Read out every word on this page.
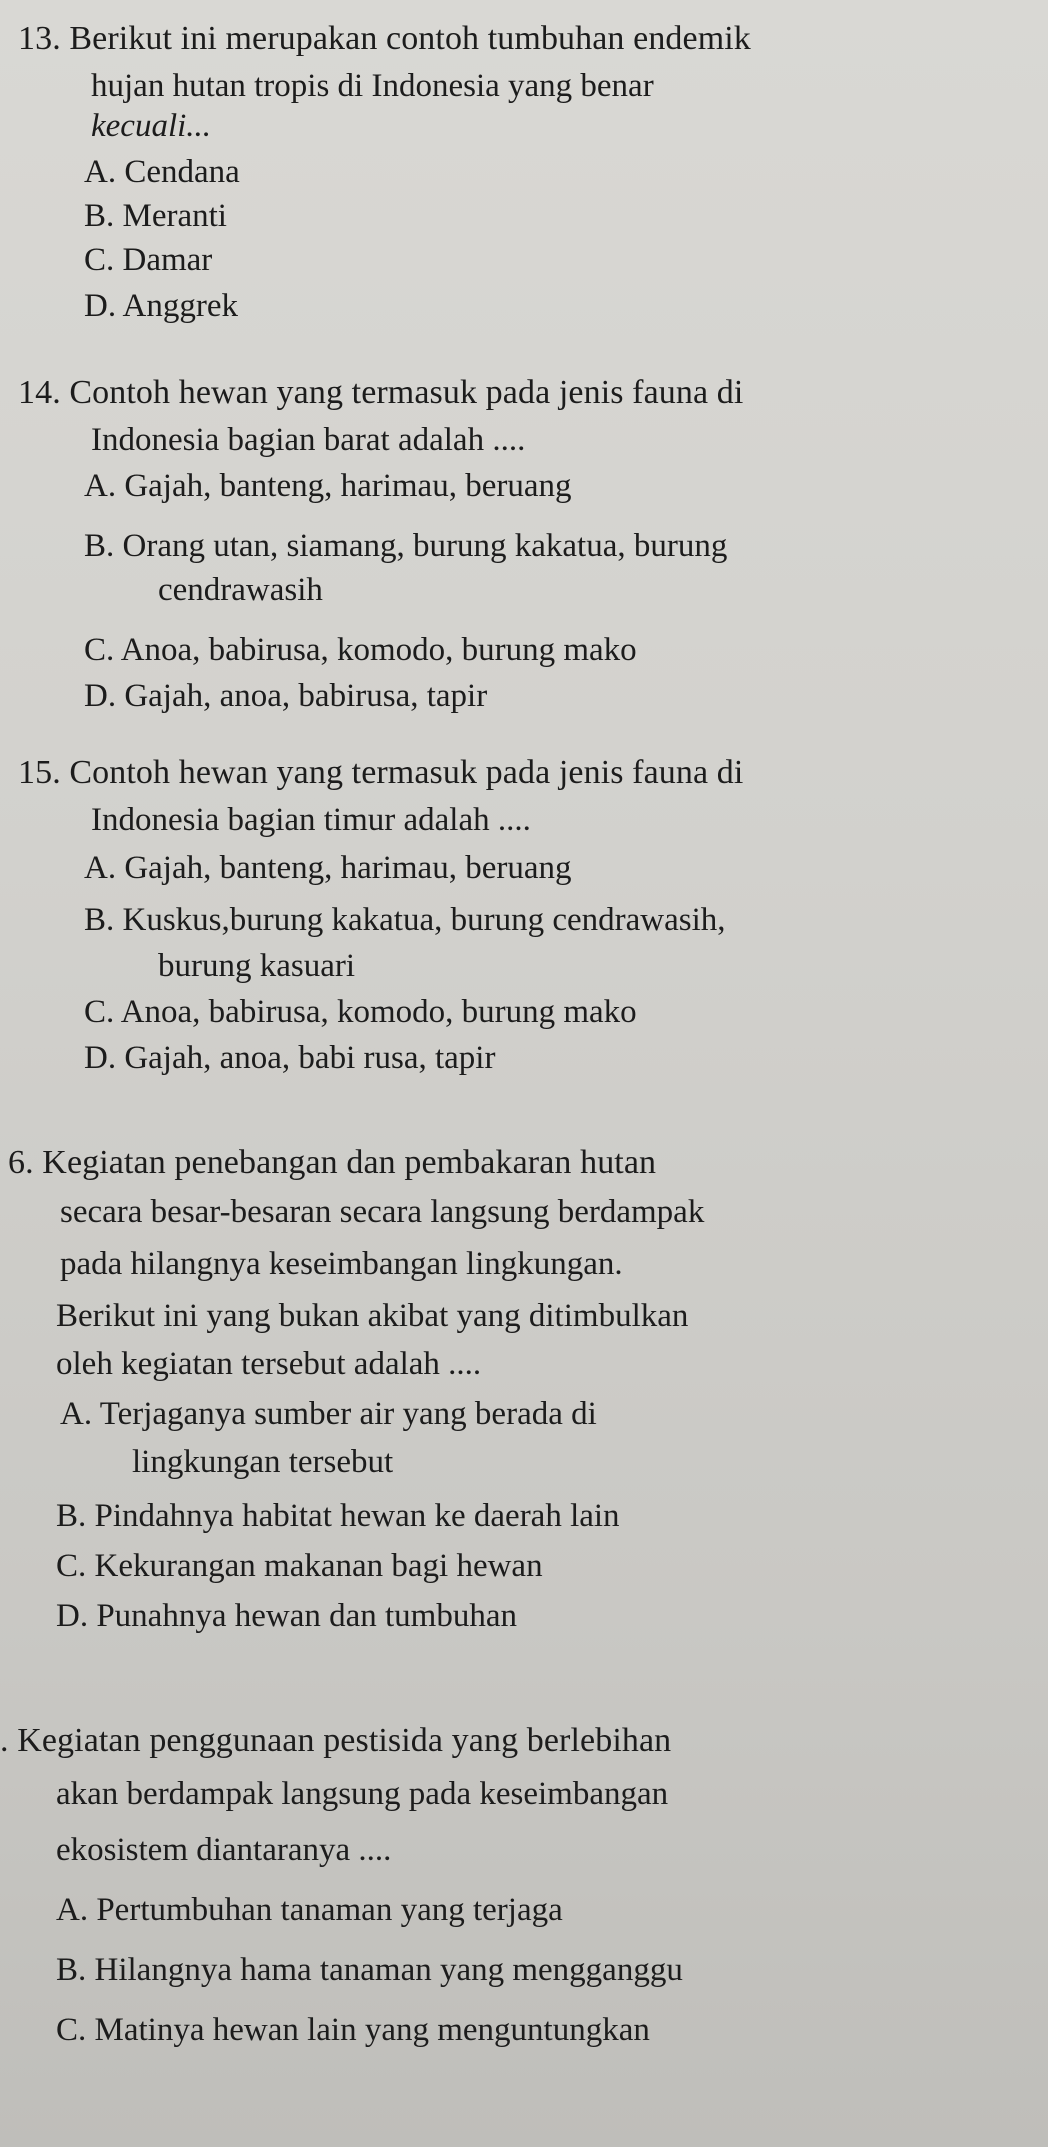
13. Berikut ini merupakan contoh tumbuhan endemik
hujan hutan tropis di Indonesia yang benar
kecuali...
A. Cendana
B. Meranti
C. Damar
D. Anggrek
14. Contoh hewan yang termasuk pada jenis fauna di
Indonesia bagian barat adalah ....
A. Gajah, banteng, harimau, beruang
B. Orang utan, siamang, burung kakatua, burung
cendrawasih
C. Anoa, babirusa, komodo, burung mako
D. Gajah, anoa, babirusa, tapir
15. Contoh hewan yang termasuk pada jenis fauna di
Indonesia bagian timur adalah ....
A. Gajah, banteng, harimau, beruang
B. Kuskus,burung kakatua, burung cendrawasih,
burung kasuari
C. Anoa, babirusa, komodo, burung mako
D. Gajah, anoa, babi rusa, tapir
6. Kegiatan penebangan dan pembakaran hutan
secara besar-besaran secara langsung berdampak
pada hilangnya keseimbangan lingkungan.
Berikut ini yang bukan akibat yang ditimbulkan
oleh kegiatan tersebut adalah ....
A. Terjaganya sumber air yang berada di
lingkungan tersebut
B. Pindahnya habitat hewan ke daerah lain
C. Kekurangan makanan bagi hewan
D. Punahnya hewan dan tumbuhan
. Kegiatan penggunaan pestisida yang berlebihan
akan berdampak langsung pada keseimbangan
ekosistem diantaranya ....
A. Pertumbuhan tanaman yang terjaga
B. Hilangnya hama tanaman yang mengganggu
C. Matinya hewan lain yang menguntungkan
